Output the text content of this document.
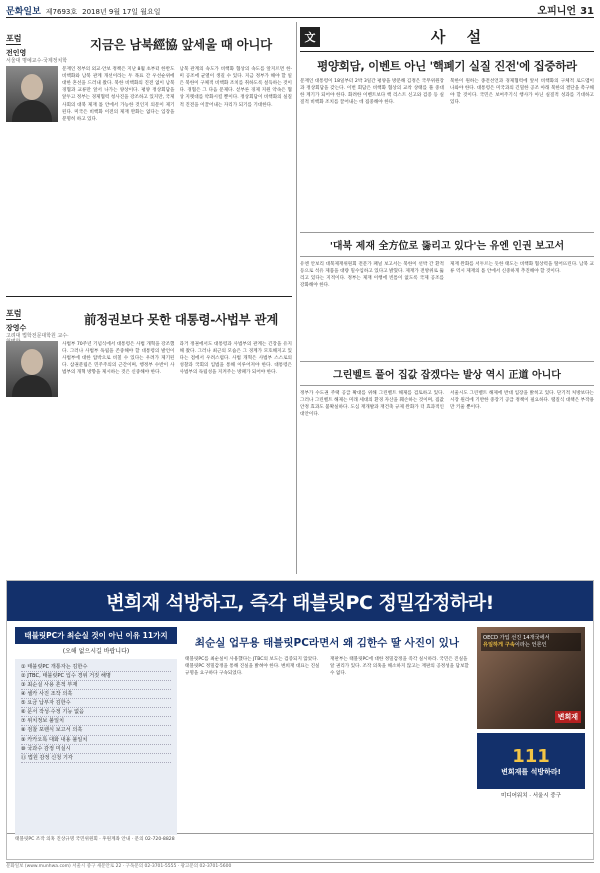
문화일보 제7693호 2018년 9월 17일 월요일	오피니언 31
포럼
전인영
서울대 명예교수·국제정치학
지금은 남북經協 앞세울 때 아니다
문재인 정부의 외교·안보 정책은 지난 8월 초부터 한반도 비핵화와 남북 관계 개선이라는 두 목표 간 우선순위에 대한 혼선을 드러내 왔다. 북한 비핵화의 진전 없이 남북 경협과 교류만 앞서 나가는 양상이다. 평양 정상회담을 앞두고 정부는 경제협력 청사진을 강조하고 있지만, 국제 사회의 대북 제재 틀 안에서 가능한 것인지 의문이 제기된다. 미국은 비핵화 이전의 제재 완화는 없다는 입장을 분명히 하고 있다.
남북 관계의 속도가 비핵화 협상의 속도를 앞지르면 한·미 공조에 균열이 생길 수 있다. 지금 정부가 해야 할 일은 북한이 구체적 비핵화 조치를 취하도록 설득하는 것이다. 경협은 그 다음 문제다. 섣부른 경제 지원 약속은 협상 지렛대를 약화시킬 뿐이다. 정상회담이 비핵화의 실질적 진전을 이끌어내는 자리가 되기를 기대한다.
포럼
장영수
고려대 법학전문대학원 교수·
前정권보다 못한 대통령-사법부 관계
사법부 70주년 기념식에서 대통령은 사법 개혁을 강조했다. 그러나 사법부 독립을 존중해야 할 대통령의 발언이 사법부에 대한 압박으로 비칠 수 있다는 우려가 제기된다. 삼권분립은 민주주의의 근간이며, 행정부 수반이 사법부의 개혁 방향을 제시하는 것은 신중해야 한다.
과거 정권에서도 대통령과 사법부의 관계는 긴장을 유지해 왔다. 그러나 최근의 모습은 그 경계가 모호해지고 있다는 점에서 우려스럽다. 사법 개혁은 사법부 스스로의 성찰과 국회의 입법을 통해 이루어져야 한다. 대통령은 사법부의 독립성을 지켜주는 방패가 되어야 한다.
文	사 설
평양회담, 이벤트 아닌 '핵폐기 실질 진전'에 집중하라
문재인 대통령이 18일부터 2박 3일간 평양을 방문해 김정은 국무위원장과 정상회담을 갖는다. 이번 회담은 비핵화 협상의 교착 상태를 풀 중대한 계기가 되어야 한다. 화려한 이벤트보다 핵 리스트 신고와 검증 등 실질적 비핵화 조치를 끌어내는 데 집중해야 한다.
북한이 원하는 종전선언과 경제협력에 앞서 비핵화의 구체적 로드맵이 나와야 한다. 대통령은 미국과의 긴밀한 공조 아래 북한의 결단을 촉구해야 할 것이다. 국민은 보여주기식 행사가 아닌 실질적 성과를 기대하고 있다.
'대북 제재 全方位로 뚫리고 있다'는 유엔 인권 보고서
유엔 안보리 대북제재위원회 전문가 패널 보고서는 북한이 선박 간 환적 등으로 석유 제품을 대량 밀수입하고 있다고 밝혔다. 제재가 전방위로 뚫리고 있다는 지적이다. 정부는 제재 이행에 빈틈이 없도록 국제 공조를 강화해야 한다.
제재 완화를 서두르는 듯한 태도는 비핵화 협상력을 떨어뜨린다. 남북 교류 역시 제재의 틀 안에서 신중하게 추진해야 할 것이다.
그린벨트 풀어 집값 잡겠다는 발상 역시 正道 아니다
정부가 수도권 주택 공급 확대를 위해 그린벨트 해제를 검토하고 있다. 그러나 그린벨트 해제는 미래 세대의 환경 자산을 훼손하는 것이며, 집값 안정 효과도 불확실하다. 도심 재개발과 재건축 규제 완화가 더 효과적인 대안이다.
서울시도 그린벨트 해제에 반대 입장을 밝히고 있다. 단기적 처방보다는 시장 원리에 기반한 중장기 공급 정책이 필요하다. 땜질식 대책은 부작용만 키울 뿐이다.
변희재 석방하고, 즉각 태블릿PC 정밀감정하라!
태블릿PC가 최순실 것이 아닌 이유 11가지
(오해 없으시길 바랍니다)
① 태블릿PC 개통자는 김한수
② JTBC, 태블릿PC 입수 경위 거짓 해명
③ 최순실 사용 흔적 부재
④ 셀카 사진 조작 의혹
⑤ 요금 납부자 김한수
⑥ 문서 작성·수정 기능 없음
⑦ 위치정보 불일치
⑧ 검찰 포렌식 보고서 의혹
⑨ 카카오톡 대화 내용 불일치
⑩ 국과수 감정 미실시
⑪ 법원 감정 신청 기각
최순실 업무용 태블릿PC라면서 왜 김한수 딸 사진이 있나
태블릿PC를 최순실이 사용했다는 JTBC의 보도는 검증되지 않았다. 태블릿PC 정밀감정을 통해 진실을 밝혀야 한다. 변희재 대표는 진실 규명을 요구하다 구속되었다.
재판부는 태블릿PC에 대한 정밀감정을 즉각 실시하라. 국민은 진실을 알 권리가 있다. 조작 의혹을 해소하지 않고는 재판의 공정성을 담보할 수 없다.
OECD 가입 선진 14개국에서
유일하게 구속이라는 언론인
변희재
111
변희재를 석방하라!
미디어워치 · 서울시 중구
태블릿PC 조작 의혹 진상규명 국민위원회 · 후원계좌 안내 · 문의 02-720-8828
문화일보 (www.munhwa.com) 서울시 중구 새문안로 22 · 구독문의 02-3701-5555 · 광고문의 02-3701-5600
